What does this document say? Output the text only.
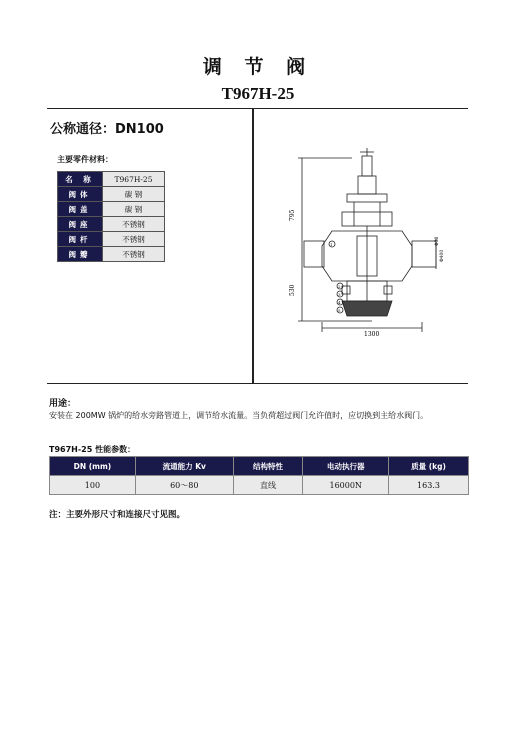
调 节 阀
T967H-25
公称通径：DN100
主要零件材料：
名 称	T967H-25
阀体	碳 钢
阀盖	碳 钢
阀座	不锈钢
阀杆	不锈钢
阀瓣	不锈钢
795
530
1300
Φ38
Φ400
1
2
3
4
5
用途：
安装在 200MW 锅炉的给水旁路管道上，调节给水流量。当负荷超过阀门允许值时，应切换到主给水阀门。
T967H-25 性能参数：
DN (mm)	流通能力 Kv	结构特性	电动执行器	质量 (kg)
100	60～80	直线	16000N	163.3
注：主要外形尺寸和连接尺寸见图。
